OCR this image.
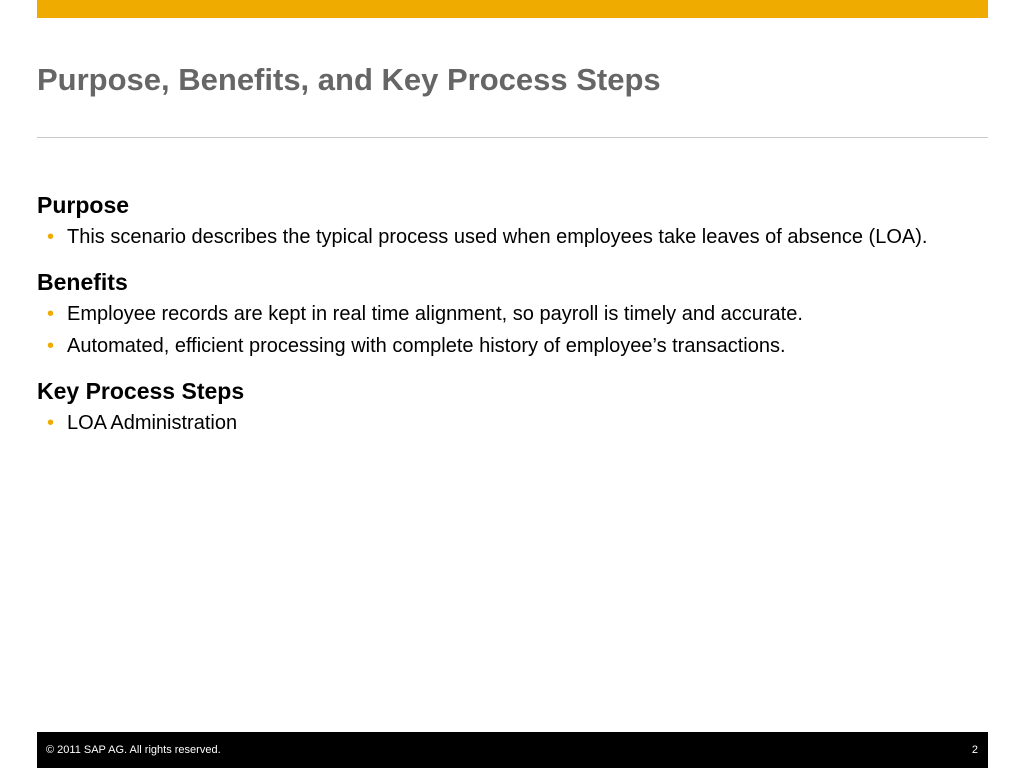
Purpose, Benefits, and Key Process Steps
Purpose
• This scenario describes the typical process used when employees take leaves of absence (LOA).
Benefits
• Employee records are kept in real time alignment, so payroll is timely and accurate.
• Automated, efficient processing with complete history of employee’s transactions.
Key Process Steps
• LOA Administration
© 2011 SAP AG. All rights reserved.	2
